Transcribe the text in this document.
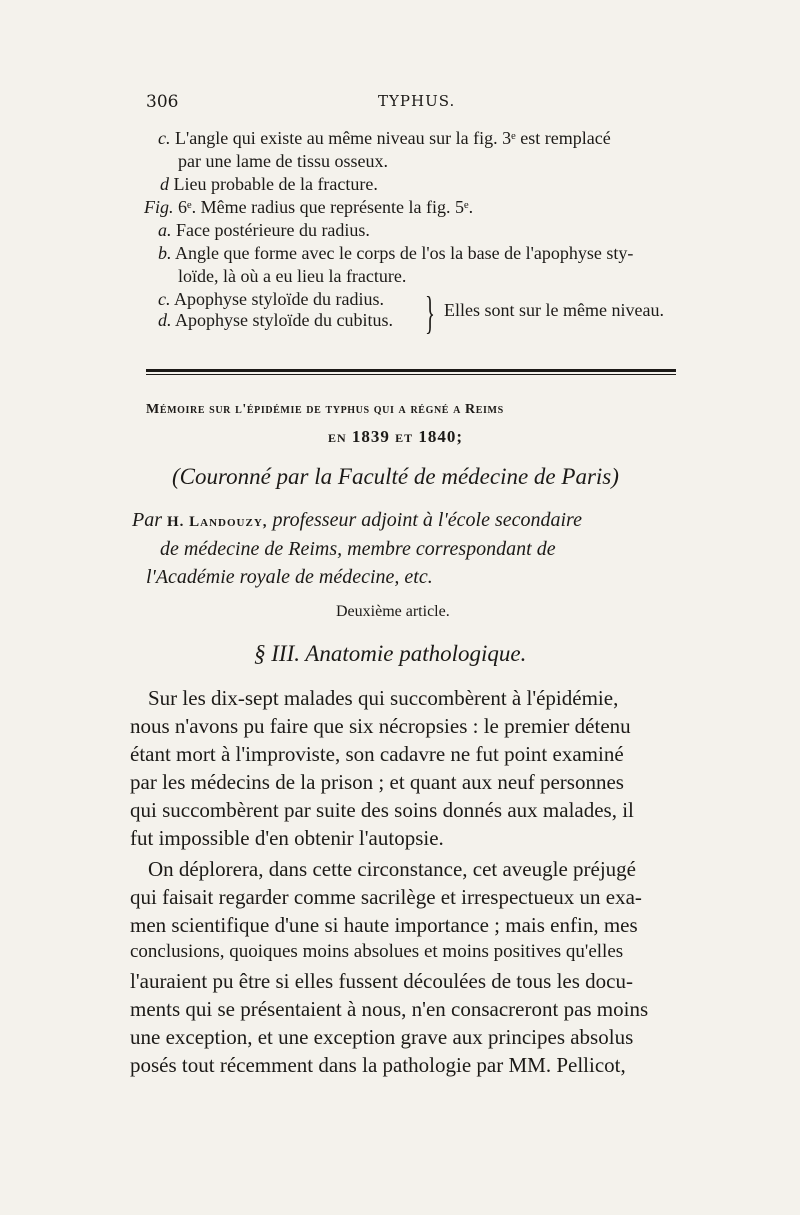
306	TYPHUS.
c. L'angle qui existe au même niveau sur la fig. 3ᵉ est remplacé
par une lame de tissu osseux.
d Lieu probable de la fracture.
Fig. 6ᵉ. Même radius que représente la fig. 5ᵉ.
a. Face postérieure du radius.
b. Angle que forme avec le corps de l'os la base de l'apophyse sty-
loïde, là où a eu lieu la fracture.
c. Apophyse styloïde du radius.
d. Apophyse styloïde du cubitus. } Elles sont sur le même niveau.
Mémoire sur l'épidémie de typhus qui a régné a Reims
en 1839 et 1840;
(Couronné par la Faculté de médecine de Paris)
Par H. Landouzy, professeur adjoint à l'école secondaire
de médecine de Reims, membre correspondant de
l'Académie royale de médecine, etc.
Deuxième article.
§ III. Anatomie pathologique.
Sur les dix-sept malades qui succombèrent à l'épidémie,
nous n'avons pu faire que six nécropsies : le premier détenu
étant mort à l'improviste, son cadavre ne fut point examiné
par les médecins de la prison ; et quant aux neuf personnes
qui succombèrent par suite des soins donnés aux malades, il
fut impossible d'en obtenir l'autopsie.
On déplorera, dans cette circonstance, cet aveugle préjugé
qui faisait regarder comme sacrilège et irrespectueux un exa-
men scientifique d'une si haute importance ; mais enfin, mes
conclusions, quoiques moins absolues et moins positives qu'elles
l'auraient pu être si elles fussent découlées de tous les docu-
ments qui se présentaient à nous, n'en consacreront pas moins
une exception, et une exception grave aux principes absolus
posés tout récemment dans la pathologie par MM. Pellicot,
